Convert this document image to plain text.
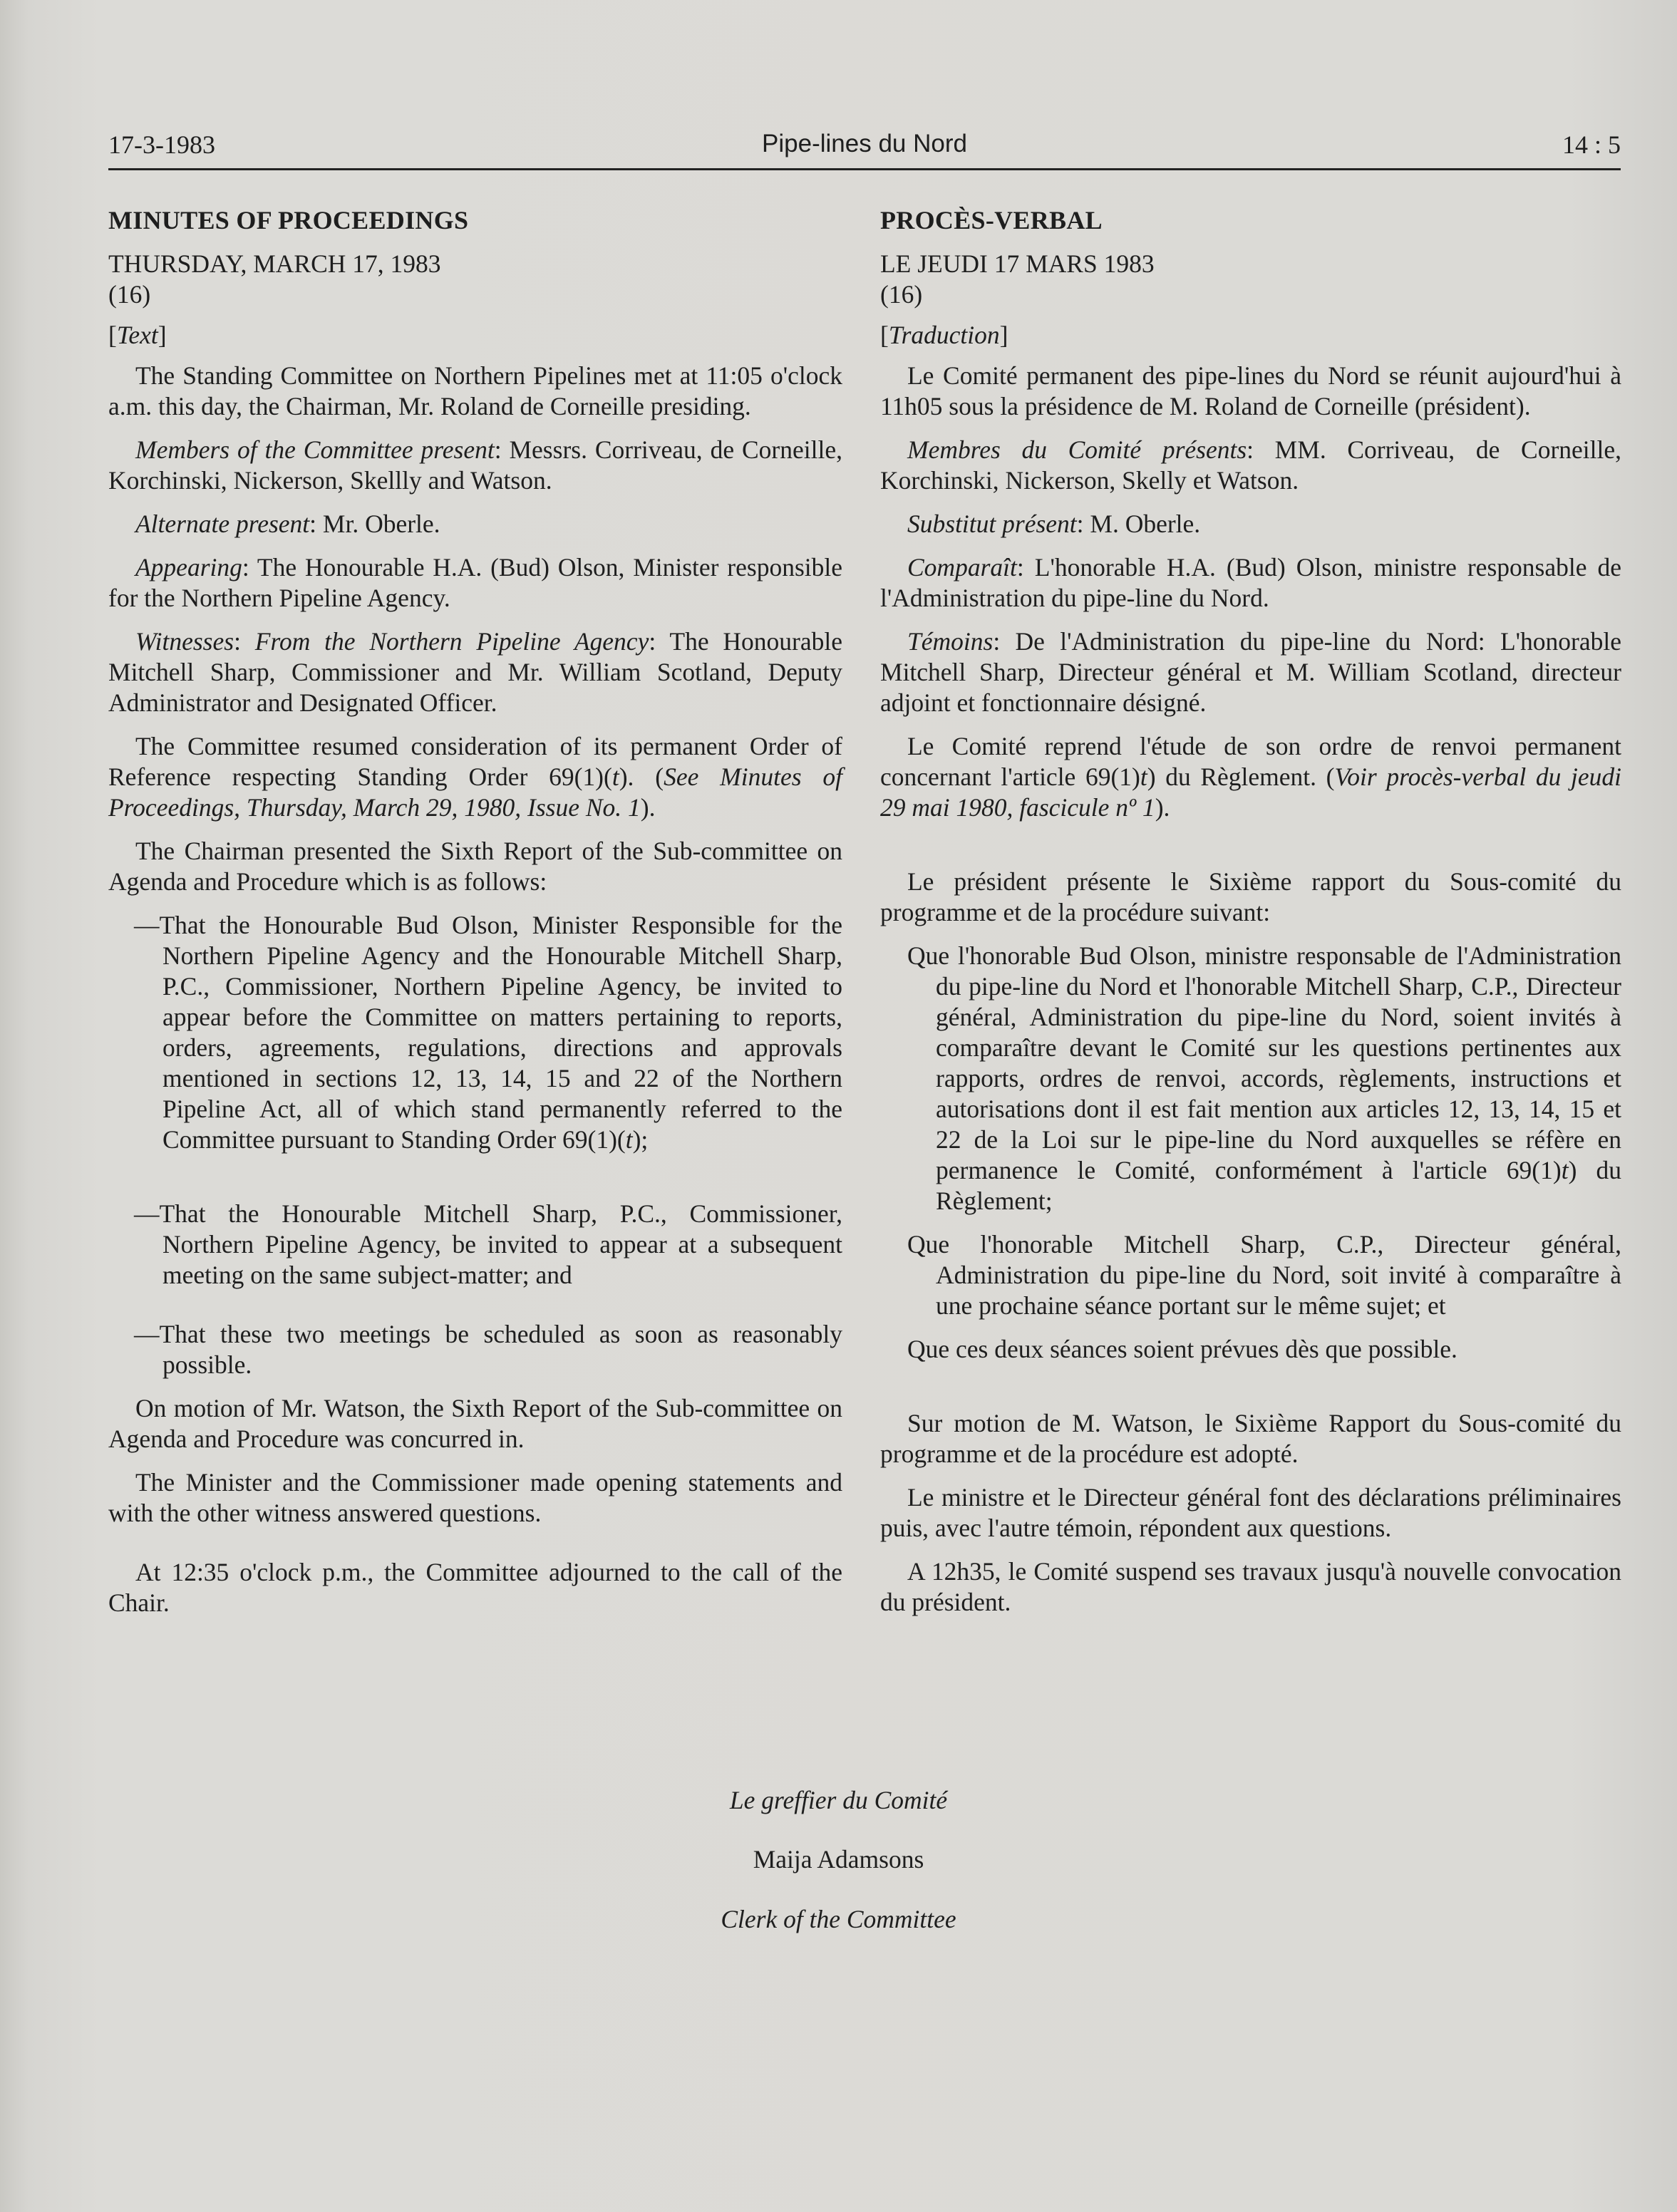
17-3-1983	Pipe-lines du Nord	14 : 5
MINUTES OF PROCEEDINGS

THURSDAY, MARCH 17, 1983
(16)

[Text]

The Standing Committee on Northern Pipelines met at 11:05 o'clock a.m. this day, the Chairman, Mr. Roland de Corneille presiding.

Members of the Committee present: Messrs. Corriveau, de Corneille, Korchinski, Nickerson, Skellly and Watson.

Alternate present: Mr. Oberle.

Appearing: The Honourable H.A. (Bud) Olson, Minister responsible for the Northern Pipeline Agency.

Witnesses: From the Northern Pipeline Agency: The Honourable Mitchell Sharp, Commissioner and Mr. William Scotland, Deputy Administrator and Designated Officer.

The Committee resumed consideration of its permanent Order of Reference respecting Standing Order 69(1)(t). (See Minutes of Proceedings, Thursday, March 29, 1980, Issue No. 1).

The Chairman presented the Sixth Report of the Sub-committee on Agenda and Procedure which is as follows:

—That the Honourable Bud Olson, Minister Responsible for the Northern Pipeline Agency and the Honourable Mitchell Sharp, P.C., Commissioner, Northern Pipeline Agency, be invited to appear before the Committee on matters pertaining to reports, orders, agreements, regulations, directions and approvals mentioned in sections 12, 13, 14, 15 and 22 of the Northern Pipeline Act, all of which stand permanently referred to the Committee pursuant to Standing Order 69(1)(t);

—That the Honourable Mitchell Sharp, P.C., Commissioner, Northern Pipeline Agency, be invited to appear at a subsequent meeting on the same subject-matter; and

—That these two meetings be scheduled as soon as reasonably possible.

On motion of Mr. Watson, the Sixth Report of the Sub-committee on Agenda and Procedure was concurred in.

The Minister and the Commissioner made opening statements and with the other witness answered questions.

At 12:35 o'clock p.m., the Committee adjourned to the call of the Chair.

PROCÈS-VERBAL

LE JEUDI 17 MARS 1983
(16)

[Traduction]

Le Comité permanent des pipe-lines du Nord se réunit aujourd'hui à 11h05 sous la présidence de M. Roland de Corneille (président).

Membres du Comité présents: MM. Corriveau, de Corneille, Korchinski, Nickerson, Skelly et Watson.

Substitut présent: M. Oberle.

Comparaît: L'honorable H.A. (Bud) Olson, ministre responsable de l'Administration du pipe-line du Nord.

Témoins: De l'Administration du pipe-line du Nord: L'honorable Mitchell Sharp, Directeur général et M. William Scotland, directeur adjoint et fonctionnaire désigné.

Le Comité reprend l'étude de son ordre de renvoi permanent concernant l'article 69(1)t) du Règlement. (Voir procès-verbal du jeudi 29 mai 1980, fascicule nº 1).

Le président présente le Sixième rapport du Sous-comité du programme et de la procédure suivant:

Que l'honorable Bud Olson, ministre responsable de l'Administration du pipe-line du Nord et l'honorable Mitchell Sharp, C.P., Directeur général, Administration du pipe-line du Nord, soient invités à comparaître devant le Comité sur les questions pertinentes aux rapports, ordres de renvoi, accords, règlements, instructions et autorisations dont il est fait mention aux articles 12, 13, 14, 15 et 22 de la Loi sur le pipe-line du Nord auxquelles se réfère en permanence le Comité, conformément à l'article 69(1)t) du Règlement;

Que l'honorable Mitchell Sharp, C.P., Directeur général, Administration du pipe-line du Nord, soit invité à comparaître à une prochaine séance portant sur le même sujet; et

Que ces deux séances soient prévues dès que possible.

Sur motion de M. Watson, le Sixième Rapport du Sous-comité du programme et de la procédure est adopté.

Le ministre et le Directeur général font des déclarations préliminaires puis, avec l'autre témoin, répondent aux questions.

A 12h35, le Comité suspend ses travaux jusqu'à nouvelle convocation du président.

Le greffier du Comité
Maija Adamsons
Clerk of the Committee
